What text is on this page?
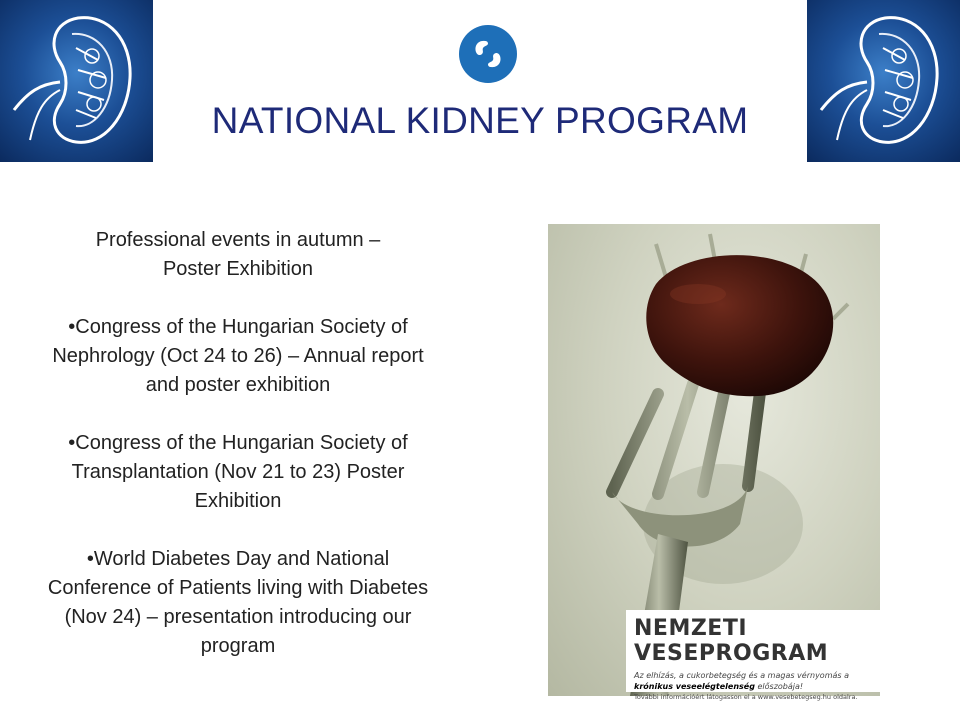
NATIONAL KIDNEY PROGRAM

Professional events in autumn –
Poster Exhibition

•Congress of the Hungarian Society of Nephrology (Oct 24 to 26) – Annual report and poster exhibition

•Congress of the Hungarian Society of Transplantation (Nov 21 to 23) Poster Exhibition

•World Diabetes Day and National Conference of Patients living with Diabetes (Nov 24) – presentation introducing our program

NEMZETI VESEPROGRAM
Az elhízás, a cukorbetegség és a magas vérnyomás a
krónikus veseelégtelenség előszobája!
További információért látogasson el a www.vesebetegseg.hu oldalra.
